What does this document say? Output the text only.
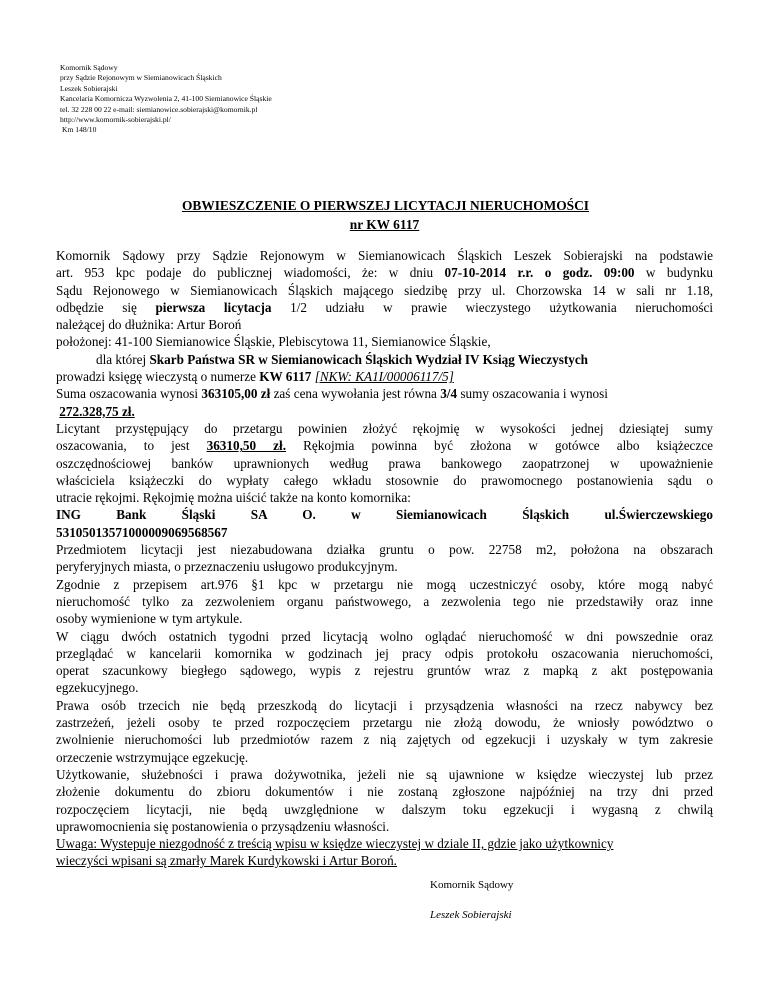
Komornik Sądowy
przy Sądzie Rejonowym w Siemianowicach Śląskich
Leszek Sobierajski
Kancelaria Komornicza Wyzwolenia 2, 41-100 Siemianowice Śląskie
tel. 32 228 00 22 e-mail: siemianowice.sobierajski@komornik.pl
http://www.komornik-sobierajski.pl/
Km 148/10
OBWIESZCZENIE O PIERWSZEJ LICYTACJI NIERUCHOMOŚCI
nr KW 6117
Komornik Sądowy przy Sądzie Rejonowym w Siemianowicach Śląskich Leszek Sobierajski na podstawie
art. 953 kpc podaje do publicznej wiadomości, że: w dniu 07-10-2014 r.r. o godz. 09:00 w budynku
Sądu Rejonowego w Siemianowicach Śląskich mającego siedzibę przy ul. Chorzowska 14 w sali nr 1.18,
odbędzie się pierwsza licytacja 1/2 udziału w prawie wieczystego użytkowania nieruchomości
należącej do dłużnika: Artur Boroń
położonej: 41-100 Siemianowice Śląskie, Plebiscytowa 11, Siemianowice Śląskie,
dla której Skarb Państwa SR w Siemianowicach Śląskich Wydział IV Ksiąg Wieczystych
prowadzi księgę wieczystą o numerze KW 6117 [NKW: KA1I/00006117/5]
Suma oszacowania wynosi 363105,00 zł zaś cena wywołania jest równa 3/4 sumy oszacowania i wynosi
272.328,75 zł.
Licytant przystępujący do przetargu powinien złożyć rękojmię w wysokości jednej dziesiątej sumy
oszacowania, to jest 36310,50 zł. Rękojmia powinna być złożona w gotówce albo książeczce
oszczędnościowej banków uprawnionych według prawa bankowego zaopatrzonej w upoważnienie
właściciela książeczki do wypłaty całego wkładu stosownie do prawomocnego postanowienia sądu o
utracie rękojmi. Rękojmię można uiścić także na konto komornika:
ING Bank Śląski SA O. w Siemianowicach Śląskich ul.Świerczewskiego
53105013571000009069568567
Przedmiotem licytacji jest niezabudowana działka gruntu o pow. 22758 m2, położona na obszarach
peryferyjnych miasta, o przeznaczeniu usługowo produkcyjnym.
Zgodnie z przepisem art.976 §1 kpc w przetargu nie mogą uczestniczyć osoby, które mogą nabyć
nieruchomość tylko za zezwoleniem organu państwowego, a zezwolenia tego nie przedstawiły oraz inne
osoby wymienione w tym artykule.
W ciągu dwóch ostatnich tygodni przed licytacją wolno oglądać nieruchomość w dni powszednie oraz
przeglądać w kancelarii komornika w godzinach jej pracy odpis protokołu oszacowania nieruchomości,
operat szacunkowy biegłego sądowego, wypis z rejestru gruntów wraz z mapką z akt postępowania
egzekucyjnego.
Prawa osób trzecich nie będą przeszkodą do licytacji i przysądzenia własności na rzecz nabywcy bez
zastrzeżeń, jeżeli osoby te przed rozpoczęciem przetargu nie złożą dowodu, że wniosły powództwo o
zwolnienie nieruchomości lub przedmiotów razem z nią zajętych od egzekucji i uzyskały w tym zakresie
orzeczenie wstrzymujące egzekucję.
Użytkowanie, służebności i prawa dożywotnika, jeżeli nie są ujawnione w księdze wieczystej lub przez
złożenie dokumentu do zbioru dokumentów i nie zostaną zgłoszone najpóźniej na trzy dni przed
rozpoczęciem licytacji, nie będą uwzględnione w dalszym toku egzekucji i wygasną z chwilą
uprawomocnienia się postanowienia o przysądzeniu własności.
Uwaga: Wystepuje niezgodność z treścią wpisu w księdze wieczystej w dziale II, gdzie jako użytkownicy
wieczyści wpisani są zmarły Marek Kurdykowski i Artur Boroń.
Komornik Sądowy
Leszek Sobierajski
